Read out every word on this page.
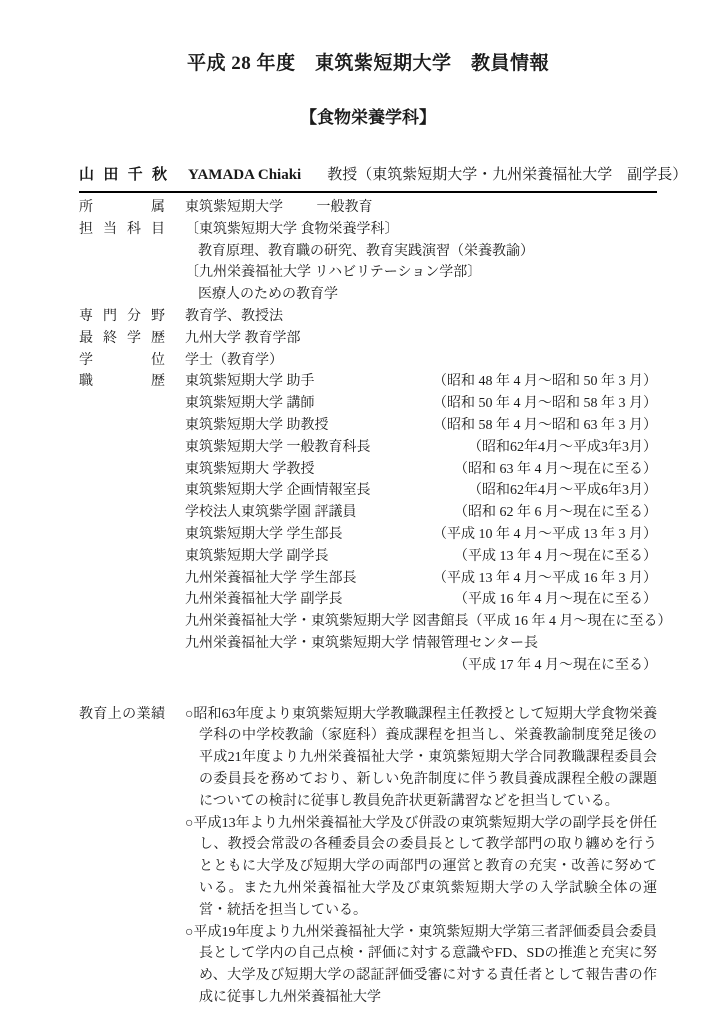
平成 28 年度　東筑紫短期大学　教員情報
【食物栄養学科】
山 田 千 秋 YAMADA Chiaki 教授（東筑紫短期大学・九州栄養福祉大学　副学長）
所	属 東筑紫短期大学 一般教育
担 当 科 目 〔東筑紫短期大学 食物栄養学科〕
教育原理、教育職の研究、教育実践演習（栄養教諭）
〔九州栄養福祉大学 リハビリテーション学部〕
医療人のための教育学
専 門 分 野 教育学、教授法
最 終 学 歴 九州大学 教育学部
学	位 学士（教育学）
職	歴 東筑紫短期大学 助手	（昭和 48 年 4 月～昭和 50 年 3 月）
東筑紫短期大学 講師	（昭和 50 年 4 月～昭和 58 年 3 月）
東筑紫短期大学 助教授	（昭和 58 年 4 月～昭和 63 年 3 月）
東筑紫短期大学 一般教育科長	（昭和62年4月～平成3年3月）
東筑紫短期大 学教授	（昭和 63 年 4 月～現在に至る）
東筑紫短期大学 企画情報室長	（昭和62年4月～平成6年3月）
学校法人東筑紫学園 評議員	（昭和 62 年 6 月～現在に至る）
東筑紫短期大学 学生部長	（平成 10 年 4 月～平成 13 年 3 月）
東筑紫短期大学 副学長	（平成 13 年 4 月～現在に至る）
九州栄養福祉大学 学生部長	（平成 13 年 4 月～平成 16 年 3 月）
九州栄養福祉大学 副学長	（平成 16 年 4 月～現在に至る）
九州栄養福祉大学・東筑紫短期大学 図書館長 （平成 16 年 4 月～現在に至る）
九州栄養福祉大学・東筑紫短期大学 情報管理センター長
（平成 17 年 4 月～現在に至る）
教 育 上 の 業 績 ○昭和63年度より東筑紫短期大学教職課程主任教授として短期大学食物栄養学科の中学校教諭（家庭科）養成課程を担当し、栄養教諭制度発足後の平成21年度より九州栄養福祉大学・東筑紫短期大学合同教職課程委員会の委員長を務めており、新しい免許制度に伴う教員養成課程全般の課題についての検討に従事し教員免許状更新講習などを担当している。

○平成13年より九州栄養福祉大学及び併設の東筑紫短期大学の副学長を併任し、教授会常設の各種委員会の委員長として教学部門の取り纏めを行うとともに大学及び短期大学の両部門の運営と教育の充実・改善に努めている。また九州栄養福祉大学及び東筑紫短期大学の入学試験全体の運営・統括を担当している。

○平成19年度より九州栄養福祉大学・東筑紫短期大学第三者評価委員会委員長として学内の自己点検・評価に対する意識やFD、SDの推進と充実に努め、大学及び短期大学の認証評価受審に対する責任者として報告書の作成に従事し九州栄養福祉大学
